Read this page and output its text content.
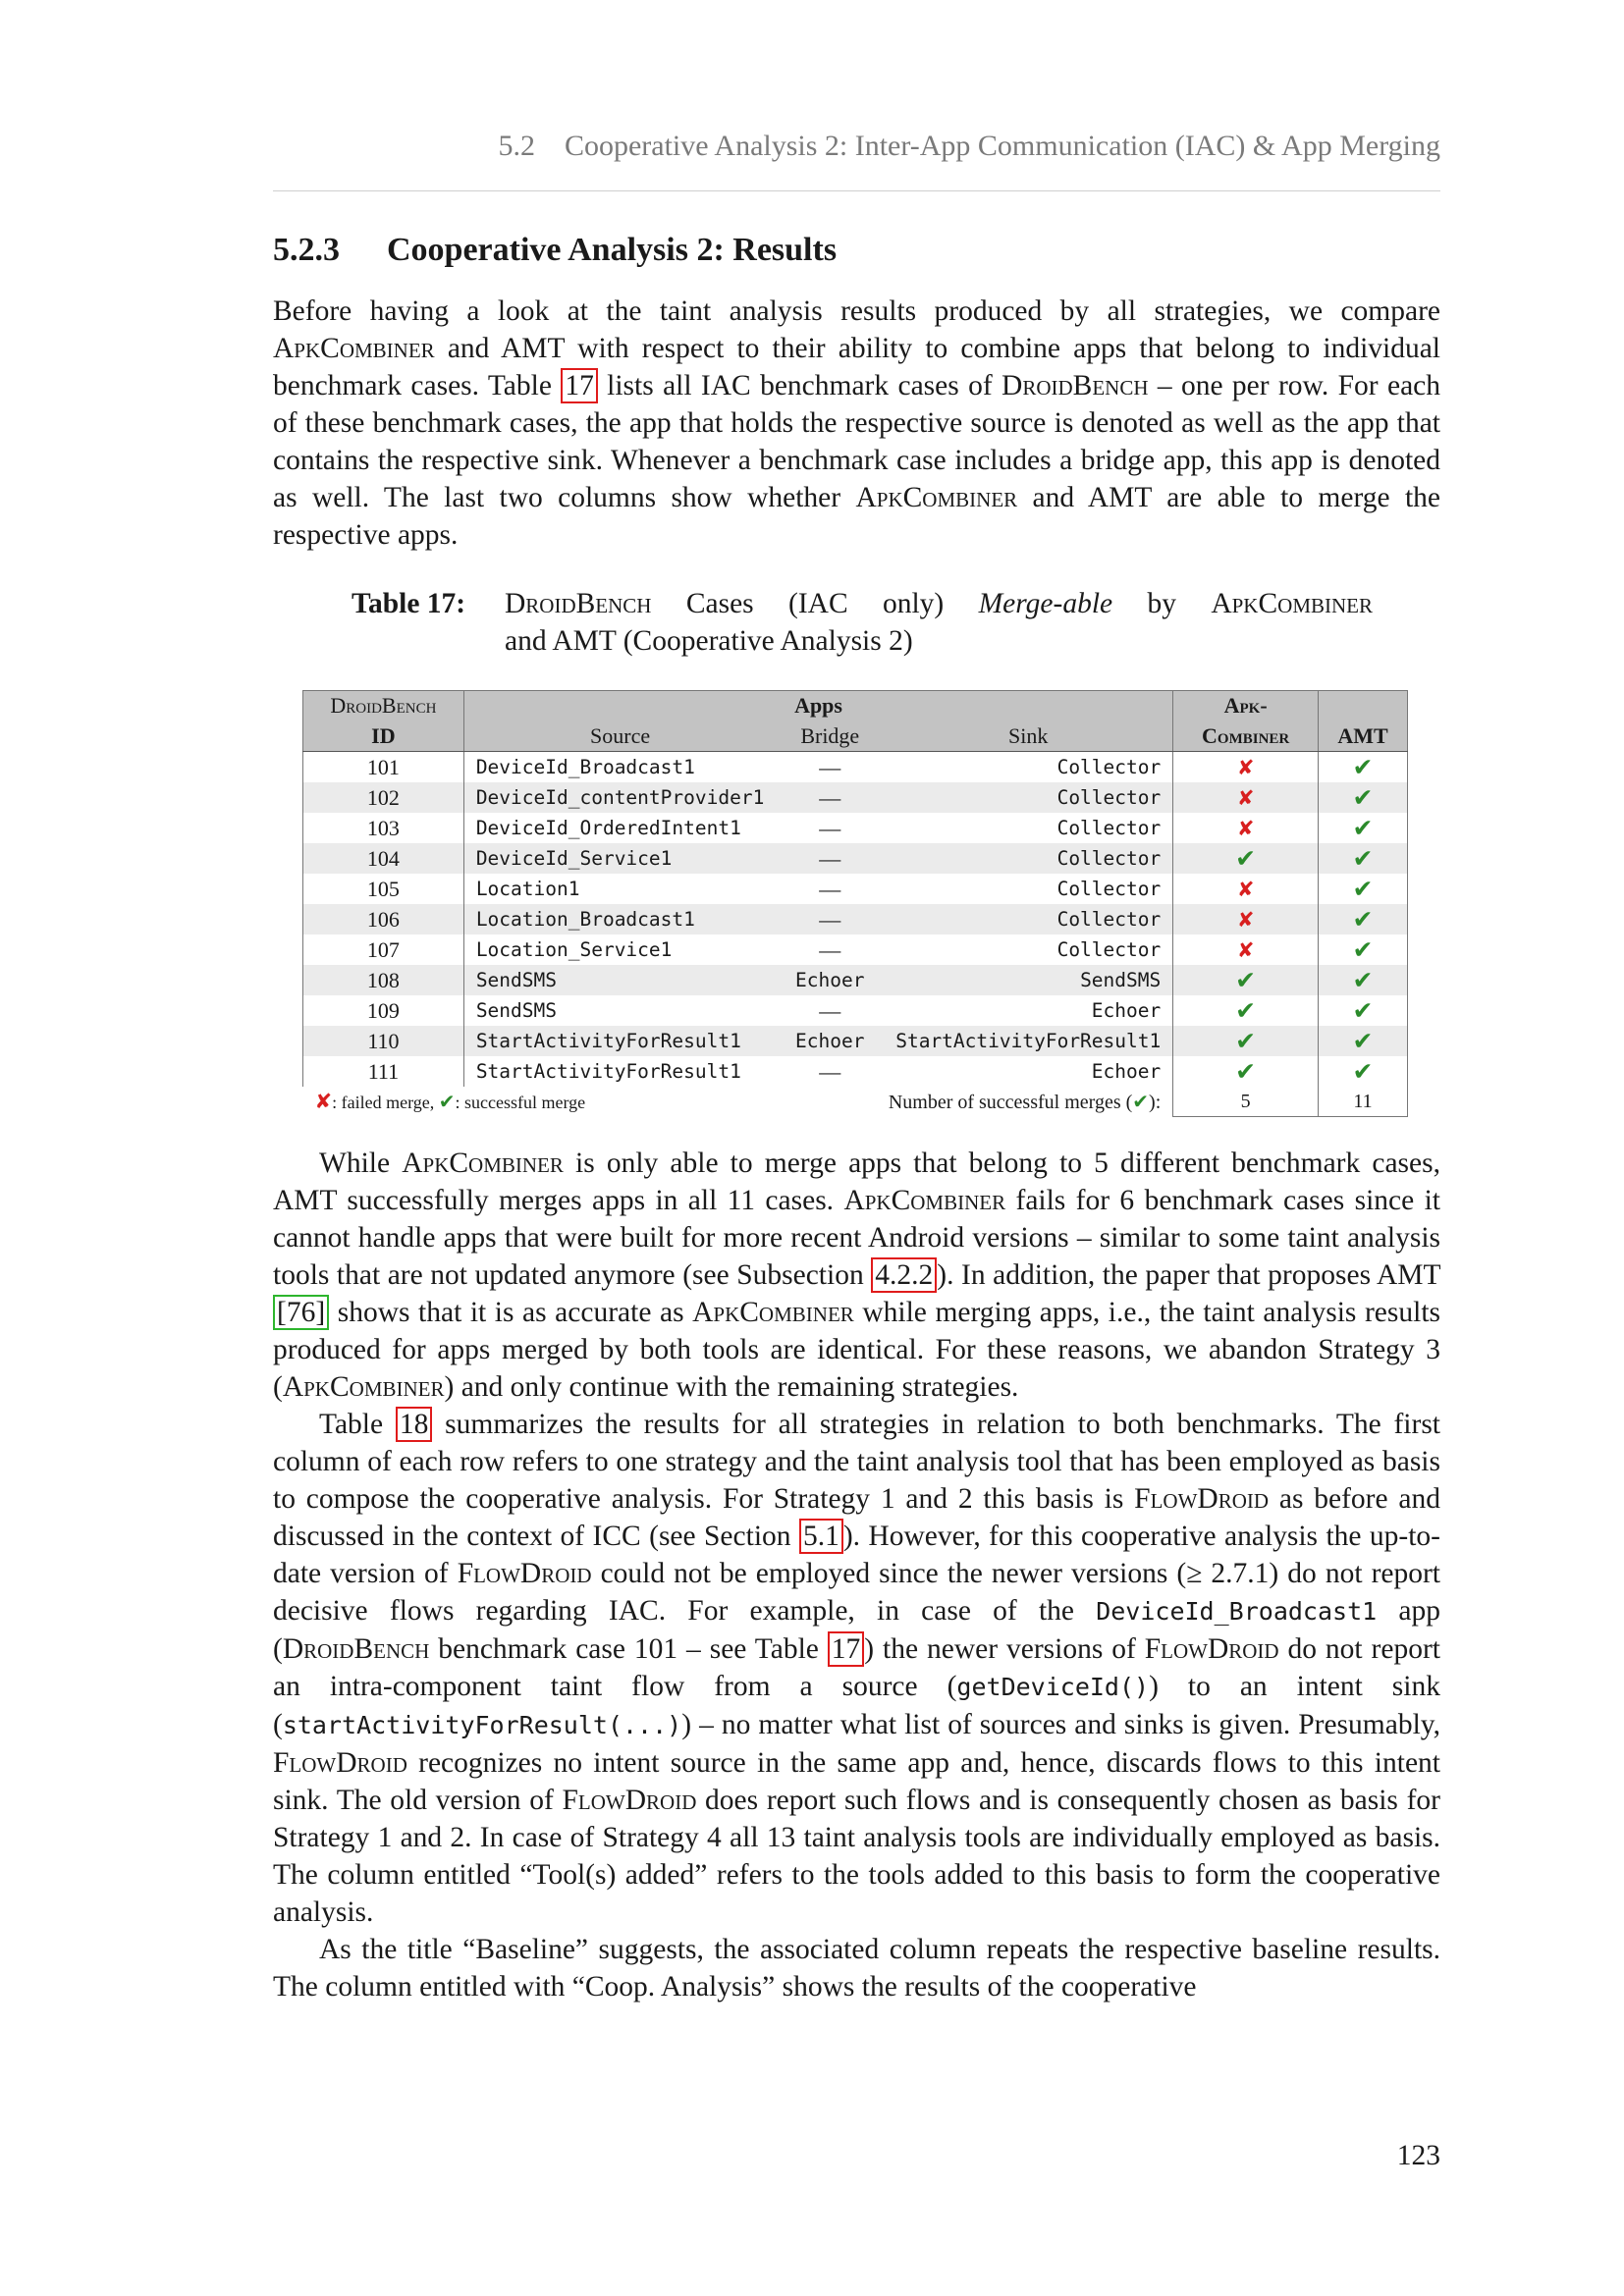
5.2 Cooperative Analysis 2: Inter-App Communication (IAC) & App Merging
5.2.3 Cooperative Analysis 2: Results

Before having a look at the taint analysis results produced by all strategies, we compare ApkCombiner and AMT with respect to their ability to combine apps that belong to individual benchmark cases. Table 17 lists all IAC benchmark cases of DroidBench – one per row. For each of these benchmark cases, the app that holds the respective source is denoted as well as the app that contains the respective sink. Whenever a benchmark case includes a bridge app, this app is denoted as well. The last two columns show whether ApkCombiner and AMT are able to merge the respective apps.

Table 17: DroidBench Cases (IAC only) Merge-able by ApkCombiner
and AMT (Cooperative Analysis 2)
DroidBench	Apps			Apk-	
ID	Source	Bridge	Sink	Combiner	AMT
101	DeviceId_Broadcast1	—	Collector	✘	✔
102	DeviceId_contentProvider1	—	Collector	✘	✔
103	DeviceId_OrderedIntent1	—	Collector	✘	✔
104	DeviceId_Service1	—	Collector	✔	✔
105	Location1	—	Collector	✘	✔
106	Location_Broadcast1	—	Collector	✘	✔
107	Location_Service1	—	Collector	✘	✔
108	SendSMS	Echoer	SendSMS	✔	✔
109	SendSMS	—	Echoer	✔	✔
110	StartActivityForResult1	Echoer	StartActivityForResult1	✔	✔
111	StartActivityForResult1	—	Echoer	✔	✔
✘: failed merge, ✔: successful merge		Number of successful merges (✔):		5	11

While ApkCombiner is only able to merge apps that belong to 5 different benchmark cases, AMT successfully merges apps in all 11 cases. ApkCombiner fails for 6 benchmark cases since it cannot handle apps that were built for more recent Android versions – similar to some taint analysis tools that are not updated anymore (see Subsection 4.2.2 ). In addition, the paper that proposes AMT [76] shows that it is as accurate as ApkCombiner while merging apps, i.e., the taint analysis results produced for apps merged by both tools are identical. For these reasons, we abandon Strategy 3 (ApkCombiner) and only continue with the remaining strategies.

Table 18 summarizes the results for all strategies in relation to both benchmarks. The first column of each row refers to one strategy and the taint analysis tool that has been employed as basis to compose the cooperative analysis. For Strategy 1 and 2 this basis is FlowDroid as before and discussed in the context of ICC (see Section 5.1 ). However, for this cooperative analysis the up-to-date version of FlowDroid could not be employed since the newer versions (≥ 2.7.1) do not report decisive flows regarding IAC. For example, in case of the DeviceId_Broadcast1 app (DroidBench benchmark case 101 – see Table 17 ) the newer versions of FlowDroid do not report an intra-component taint flow from a source (getDeviceId()) to an intent sink (startActivityForResult(...)) – no matter what list of sources and sinks is given. Presumably, FlowDroid recognizes no intent source in the same app and, hence, discards flows to this intent sink. The old version of FlowDroid does report such flows and is consequently chosen as basis for Strategy 1 and 2. In case of Strategy 4 all 13 taint analysis tools are individually employed as basis. The column entitled “Tool(s) added” refers to the tools added to this basis to form the cooperative analysis.

As the title “Baseline” suggests, the associated column repeats the respective baseline results. The column entitled with “Coop. Analysis” shows the results of the cooperative

123
